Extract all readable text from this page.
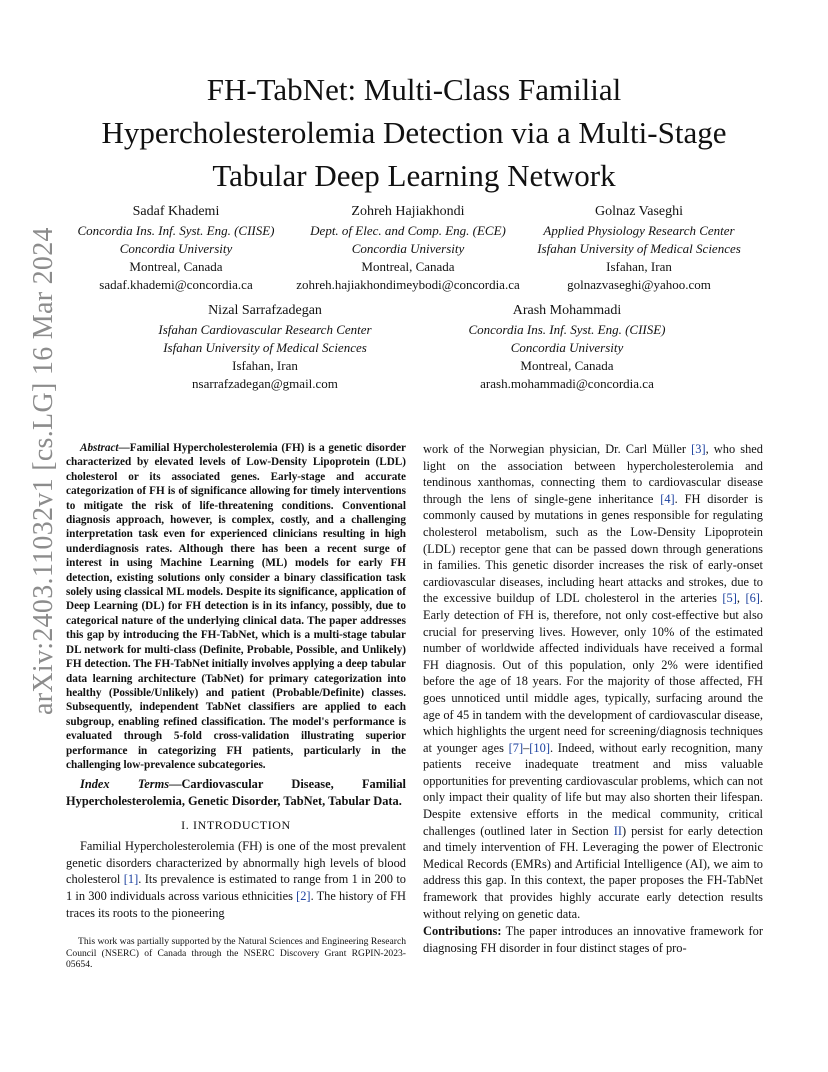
arXiv:2403.11032v1 [cs.LG] 16 Mar 2024
FH-TabNet: Multi-Class Familial
Hypercholesterolemia Detection via a Multi-Stage
Tabular Deep Learning Network
Sadaf Khademi
Concordia Ins. Inf. Syst. Eng. (CIISE)
Concordia University
Montreal, Canada
sadaf.khademi@concordia.ca
Zohreh Hajiakhondi
Dept. of Elec. and Comp. Eng. (ECE)
Concordia University
Montreal, Canada
zohreh.hajiakhondimeybodi@concordia.ca
Golnaz Vaseghi
Applied Physiology Research Center
Isfahan University of Medical Sciences
Isfahan, Iran
golnazvaseghi@yahoo.com
Nizal Sarrafzadegan
Isfahan Cardiovascular Research Center
Isfahan University of Medical Sciences
Isfahan, Iran
nsarrafzadegan@gmail.com
Arash Mohammadi
Concordia Ins. Inf. Syst. Eng. (CIISE)
Concordia University
Montreal, Canada
arash.mohammadi@concordia.ca

Abstract—Familial Hypercholesterolemia (FH) is a genetic disorder characterized by elevated levels of Low-Density Lipoprotein (LDL) cholesterol or its associated genes. Early-stage and accurate categorization of FH is of significance allowing for timely interventions to mitigate the risk of life-threatening conditions. Conventional diagnosis approach, however, is complex, costly, and a challenging interpretation task even for experienced clinicians resulting in high underdiagnosis rates. Although there has been a recent surge of interest in using Machine Learning (ML) models for early FH detection, existing solutions only consider a binary classification task solely using classical ML models. Despite its significance, application of Deep Learning (DL) for FH detection is in its infancy, possibly, due to categorical nature of the underlying clinical data. The paper addresses this gap by introducing the FH-TabNet, which is a multi-stage tabular DL network for multi-class (Definite, Probable, Possible, and Unlikely) FH detection. The FH-TabNet initially involves applying a deep tabular data learning architecture (TabNet) for primary categorization into healthy (Possible/Unlikely) and patient (Probable/Definite) classes. Subsequently, independent TabNet classifiers are applied to each subgroup, enabling refined classification. The model's performance is evaluated through 5-fold cross-validation illustrating superior performance in categorizing FH patients, particularly in the challenging low-prevalence subcategories.

Index Terms—Cardiovascular Disease, Familial Hypercholesterolemia, Genetic Disorder, TabNet, Tabular Data.

I. INTRODUCTION

Familial Hypercholesterolemia (FH) is one of the most prevalent genetic disorders characterized by abnormally high levels of blood cholesterol [1]. Its prevalence is estimated to range from 1 in 200 to 1 in 300 individuals across various ethnicities [2]. The history of FH traces its roots to the pioneering

This work was partially supported by the Natural Sciences and Engineering Research Council (NSERC) of Canada through the NSERC Discovery Grant RGPIN-2023-05654.

work of the Norwegian physician, Dr. Carl Müller [3], who shed light on the association between hypercholesterolemia and tendinous xanthomas, connecting them to cardiovascular disease through the lens of single-gene inheritance [4]. FH disorder is commonly caused by mutations in genes responsible for regulating cholesterol metabolism, such as the Low-Density Lipoprotein (LDL) receptor gene that can be passed down through generations in families. This genetic disorder increases the risk of early-onset cardiovascular diseases, including heart attacks and strokes, due to the excessive buildup of LDL cholesterol in the arteries [5], [6]. Early detection of FH is, therefore, not only cost-effective but also crucial for preserving lives. However, only 10% of the estimated number of worldwide affected individuals have received a formal FH diagnosis. Out of this population, only 2% were identified before the age of 18 years. For the majority of those affected, FH goes unnoticed until middle ages, typically, surfacing around the age of 45 in tandem with the development of cardiovascular disease, which highlights the urgent need for screening/diagnosis techniques at younger ages [7]–[10]. Indeed, without early recognition, many patients receive inadequate treatment and miss valuable opportunities for preventing cardiovascular problems, which can not only impact their quality of life but may also shorten their lifespan. Despite extensive efforts in the medical community, critical challenges (outlined later in Section II) persist for early detection and timely intervention of FH. Leveraging the power of Electronic Medical Records (EMRs) and Artificial Intelligence (AI), we aim to address this gap. In this context, the paper proposes the FH-TabNet framework that provides highly accurate early detection results without relying on genetic data.

Contributions: The paper introduces an innovative framework for diagnosing FH disorder in four distinct stages of pro-
